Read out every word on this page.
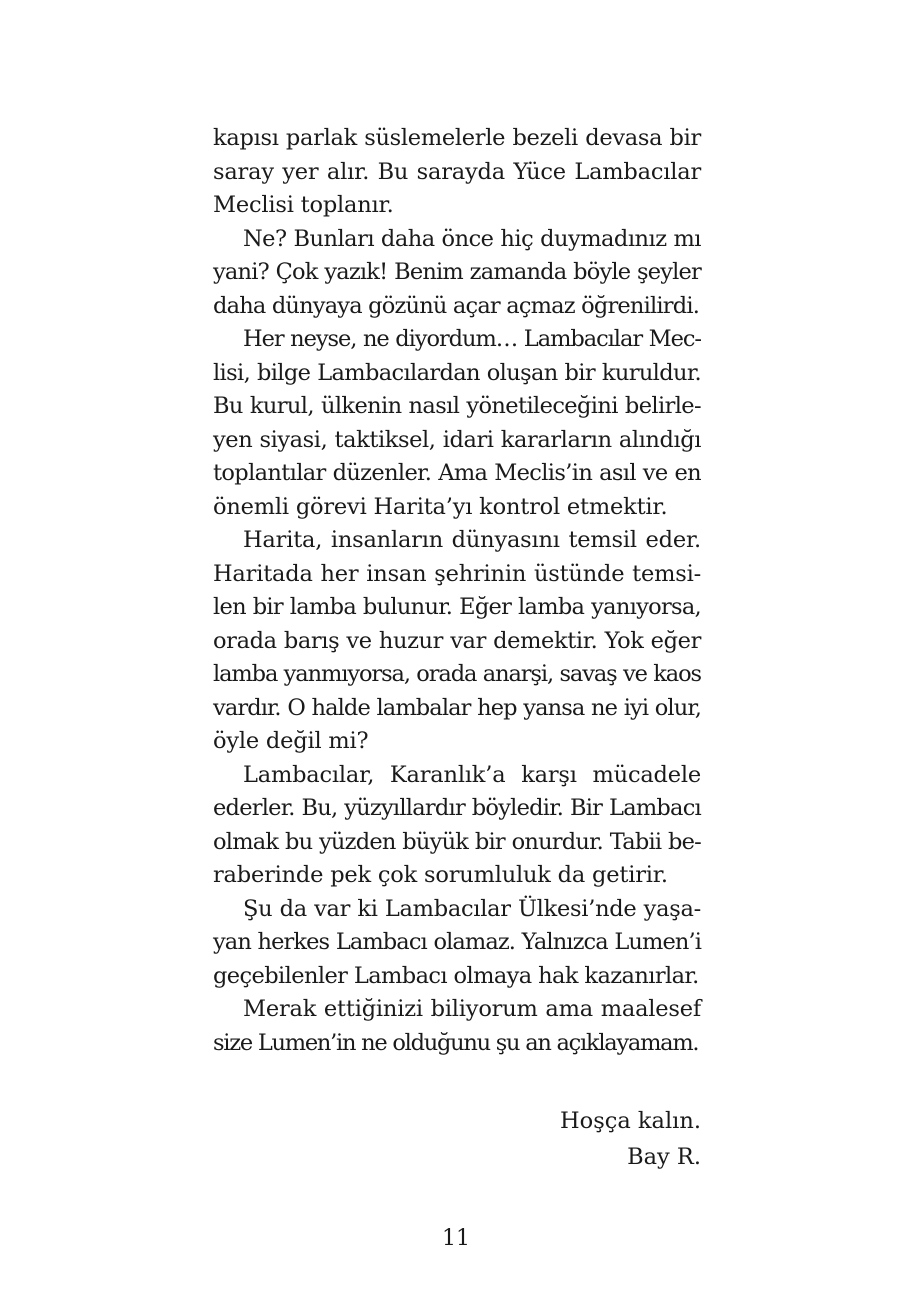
kapısı parlak süslemelerle bezeli devasa bir
saray yer alır. Bu sarayda Yüce Lambacılar
Meclisi toplanır.
Ne? Bunları daha önce hiç duymadınız mı
yani? Çok yazık! Benim zamanda böyle şeyler
daha dünyaya gözünü açar açmaz öğrenilirdi.
Her neyse, ne diyordum… Lambacılar Mec-
lisi, bilge Lambacılardan oluşan bir kuruldur.
Bu kurul, ülkenin nasıl yönetileceğini belirle-
yen siyasi, taktiksel, idari kararların alındığı
toplantılar düzenler. Ama Meclis’in asıl ve en
önemli görevi Harita’yı kontrol etmektir.
Harita, insanların dünyasını temsil eder.
Haritada her insan şehrinin üstünde temsi-
len bir lamba bulunur. Eğer lamba yanıyorsa,
orada barış ve huzur var demektir. Yok eğer
lamba yanmıyorsa, orada anarşi, savaş ve kaos
vardır. O halde lambalar hep yansa ne iyi olur,
öyle değil mi?
Lambacılar, Karanlık’a karşı mücadele
ederler. Bu, yüzyıllardır böyledir. Bir Lambacı
olmak bu yüzden büyük bir onurdur. Tabii be-
raberinde pek çok sorumluluk da getirir.
Şu da var ki Lambacılar Ülkesi’nde yaşa-
yan herkes Lambacı olamaz. Yalnızca Lumen’i
geçebilenler Lambacı olmaya hak kazanırlar.
Merak ettiğinizi biliyorum ama maalesef
size Lumen’in ne olduğunu şu an açıklayamam.
Hoşça kalın.
Bay R.
11
